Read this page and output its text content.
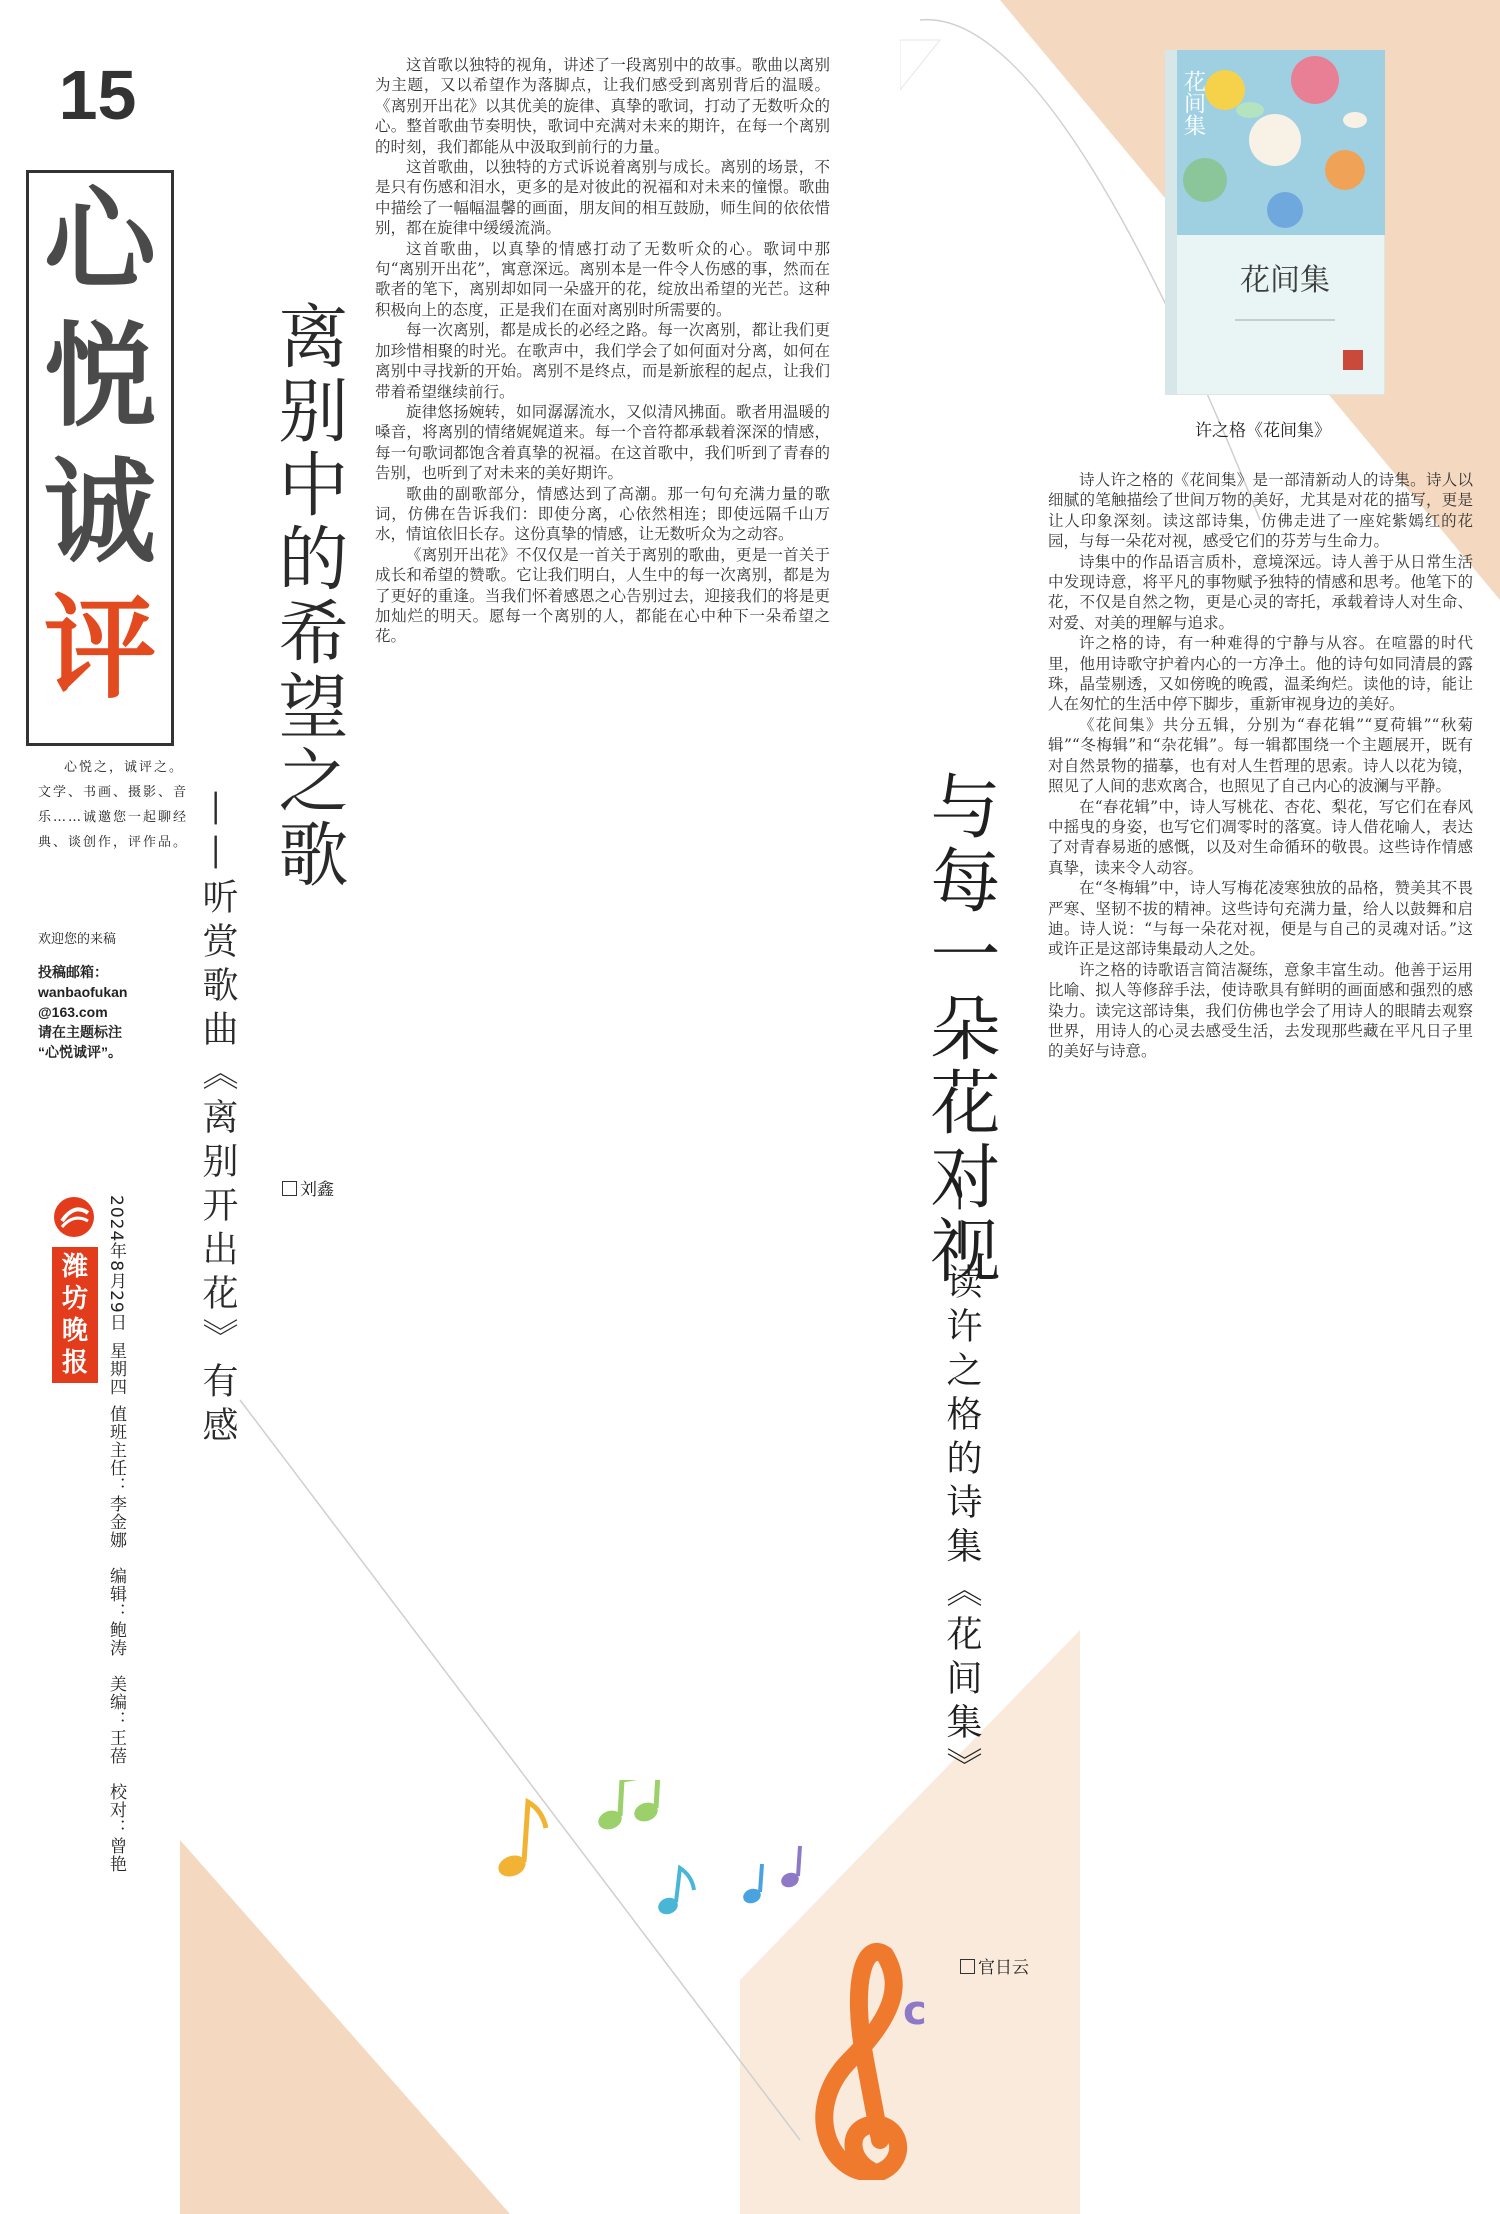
15
心
悦
诚
评

心悦之，诚评之。文学、书画、摄影、音乐……诚邀您一起聊经典、谈创作，评作品。

欢迎您的来稿
投稿邮箱：
wanbaofukan
@163.com
请在主题标注
“心悦诚评”。
潍坊晚报
2024年8月29日
星期四
值班主任：李金娜　编辑：鲍涛　美编：王蓓　校对：曾艳
离别中的希望之歌
——听赏歌曲《离别开出花》有感	刘鑫

这首歌以独特的视角，讲述了一段离别中的故事。歌曲以离别为主题，又以希望作为落脚点，让我们感受到离别背后的温暖。《离别开出花》以其优美的旋律、真挚的歌词，打动了无数听众的心。整首歌曲节奏明快，歌词中充满对未来的期许，在每一个离别的时刻，我们都能从中汲取到前行的力量。

这首歌曲，以独特的方式诉说着离别与成长。离别的场景，不是只有伤感和泪水，更多的是对彼此的祝福和对未来的憧憬。歌曲中描绘了一幅幅温馨的画面，朋友间的相互鼓励，师生间的依依惜别，都在旋律中缓缓流淌。

这首歌曲，以真挚的情感打动了无数听众的心。歌词中那句“离别开出花”，寓意深远。离别本是一件令人伤感的事，然而在歌者的笔下，离别却如同一朵盛开的花，绽放出希望的光芒。这种积极向上的态度，正是我们在面对离别时所需要的。

每一次离别，都是成长的必经之路。每一次离别，都让我们更加珍惜相聚的时光。在歌声中，我们学会了如何面对分离，如何在离别中寻找新的开始。离别不是终点，而是新旅程的起点，让我们带着希望继续前行。

旋律悠扬婉转，如同潺潺流水，又似清风拂面。歌者用温暖的嗓音，将离别的情绪娓娓道来。每一个音符都承载着深深的情感，每一句歌词都饱含着真挚的祝福。在这首歌中，我们听到了青春的告别，也听到了对未来的美好期许。

歌曲的副歌部分，情感达到了高潮。那一句句充满力量的歌词，仿佛在告诉我们：即使分离，心依然相连；即使远隔千山万水，情谊依旧长存。这份真挚的情感，让无数听众为之动容。

《离别开出花》不仅仅是一首关于离别的歌曲，更是一首关于成长和希望的赞歌。它让我们明白，人生中的每一次离别，都是为了更好的重逢。当我们怀着感恩之心告别过去，迎接我们的将是更加灿烂的明天。愿每一个离别的人，都能在心中种下一朵希望之花。

c
花间集
花间集
许之格《花间集》
与每一朵花对视
——读许之格的诗集《花间集》
官日云

诗人许之格的《花间集》是一部清新动人的诗集。诗人以细腻的笔触描绘了世间万物的美好，尤其是对花的描写，更是让人印象深刻。读这部诗集，仿佛走进了一座姹紫嫣红的花园，与每一朵花对视，感受它们的芬芳与生命力。

诗集中的作品语言质朴，意境深远。诗人善于从日常生活中发现诗意，将平凡的事物赋予独特的情感和思考。他笔下的花，不仅是自然之物，更是心灵的寄托，承载着诗人对生命、对爱、对美的理解与追求。

许之格的诗，有一种难得的宁静与从容。在喧嚣的时代里，他用诗歌守护着内心的一方净土。他的诗句如同清晨的露珠，晶莹剔透，又如傍晚的晚霞，温柔绚烂。读他的诗，能让人在匆忙的生活中停下脚步，重新审视身边的美好。

《花间集》共分五辑，分别为“春花辑”“夏荷辑”“秋菊辑”“冬梅辑”和“杂花辑”。每一辑都围绕一个主题展开，既有对自然景物的描摹，也有对人生哲理的思索。诗人以花为镜，照见了人间的悲欢离合，也照见了自己内心的波澜与平静。

在“春花辑”中，诗人写桃花、杏花、梨花，写它们在春风中摇曳的身姿，也写它们凋零时的落寞。诗人借花喻人，表达了对青春易逝的感慨，以及对生命循环的敬畏。这些诗作情感真挚，读来令人动容。

在“冬梅辑”中，诗人写梅花凌寒独放的品格，赞美其不畏严寒、坚韧不拔的精神。这些诗句充满力量，给人以鼓舞和启迪。诗人说：“与每一朵花对视，便是与自己的灵魂对话。”这或许正是这部诗集最动人之处。

许之格的诗歌语言简洁凝练，意象丰富生动。他善于运用比喻、拟人等修辞手法，使诗歌具有鲜明的画面感和强烈的感染力。读完这部诗集，我们仿佛也学会了用诗人的眼睛去观察世界，用诗人的心灵去感受生活，去发现那些藏在平凡日子里的美好与诗意。
